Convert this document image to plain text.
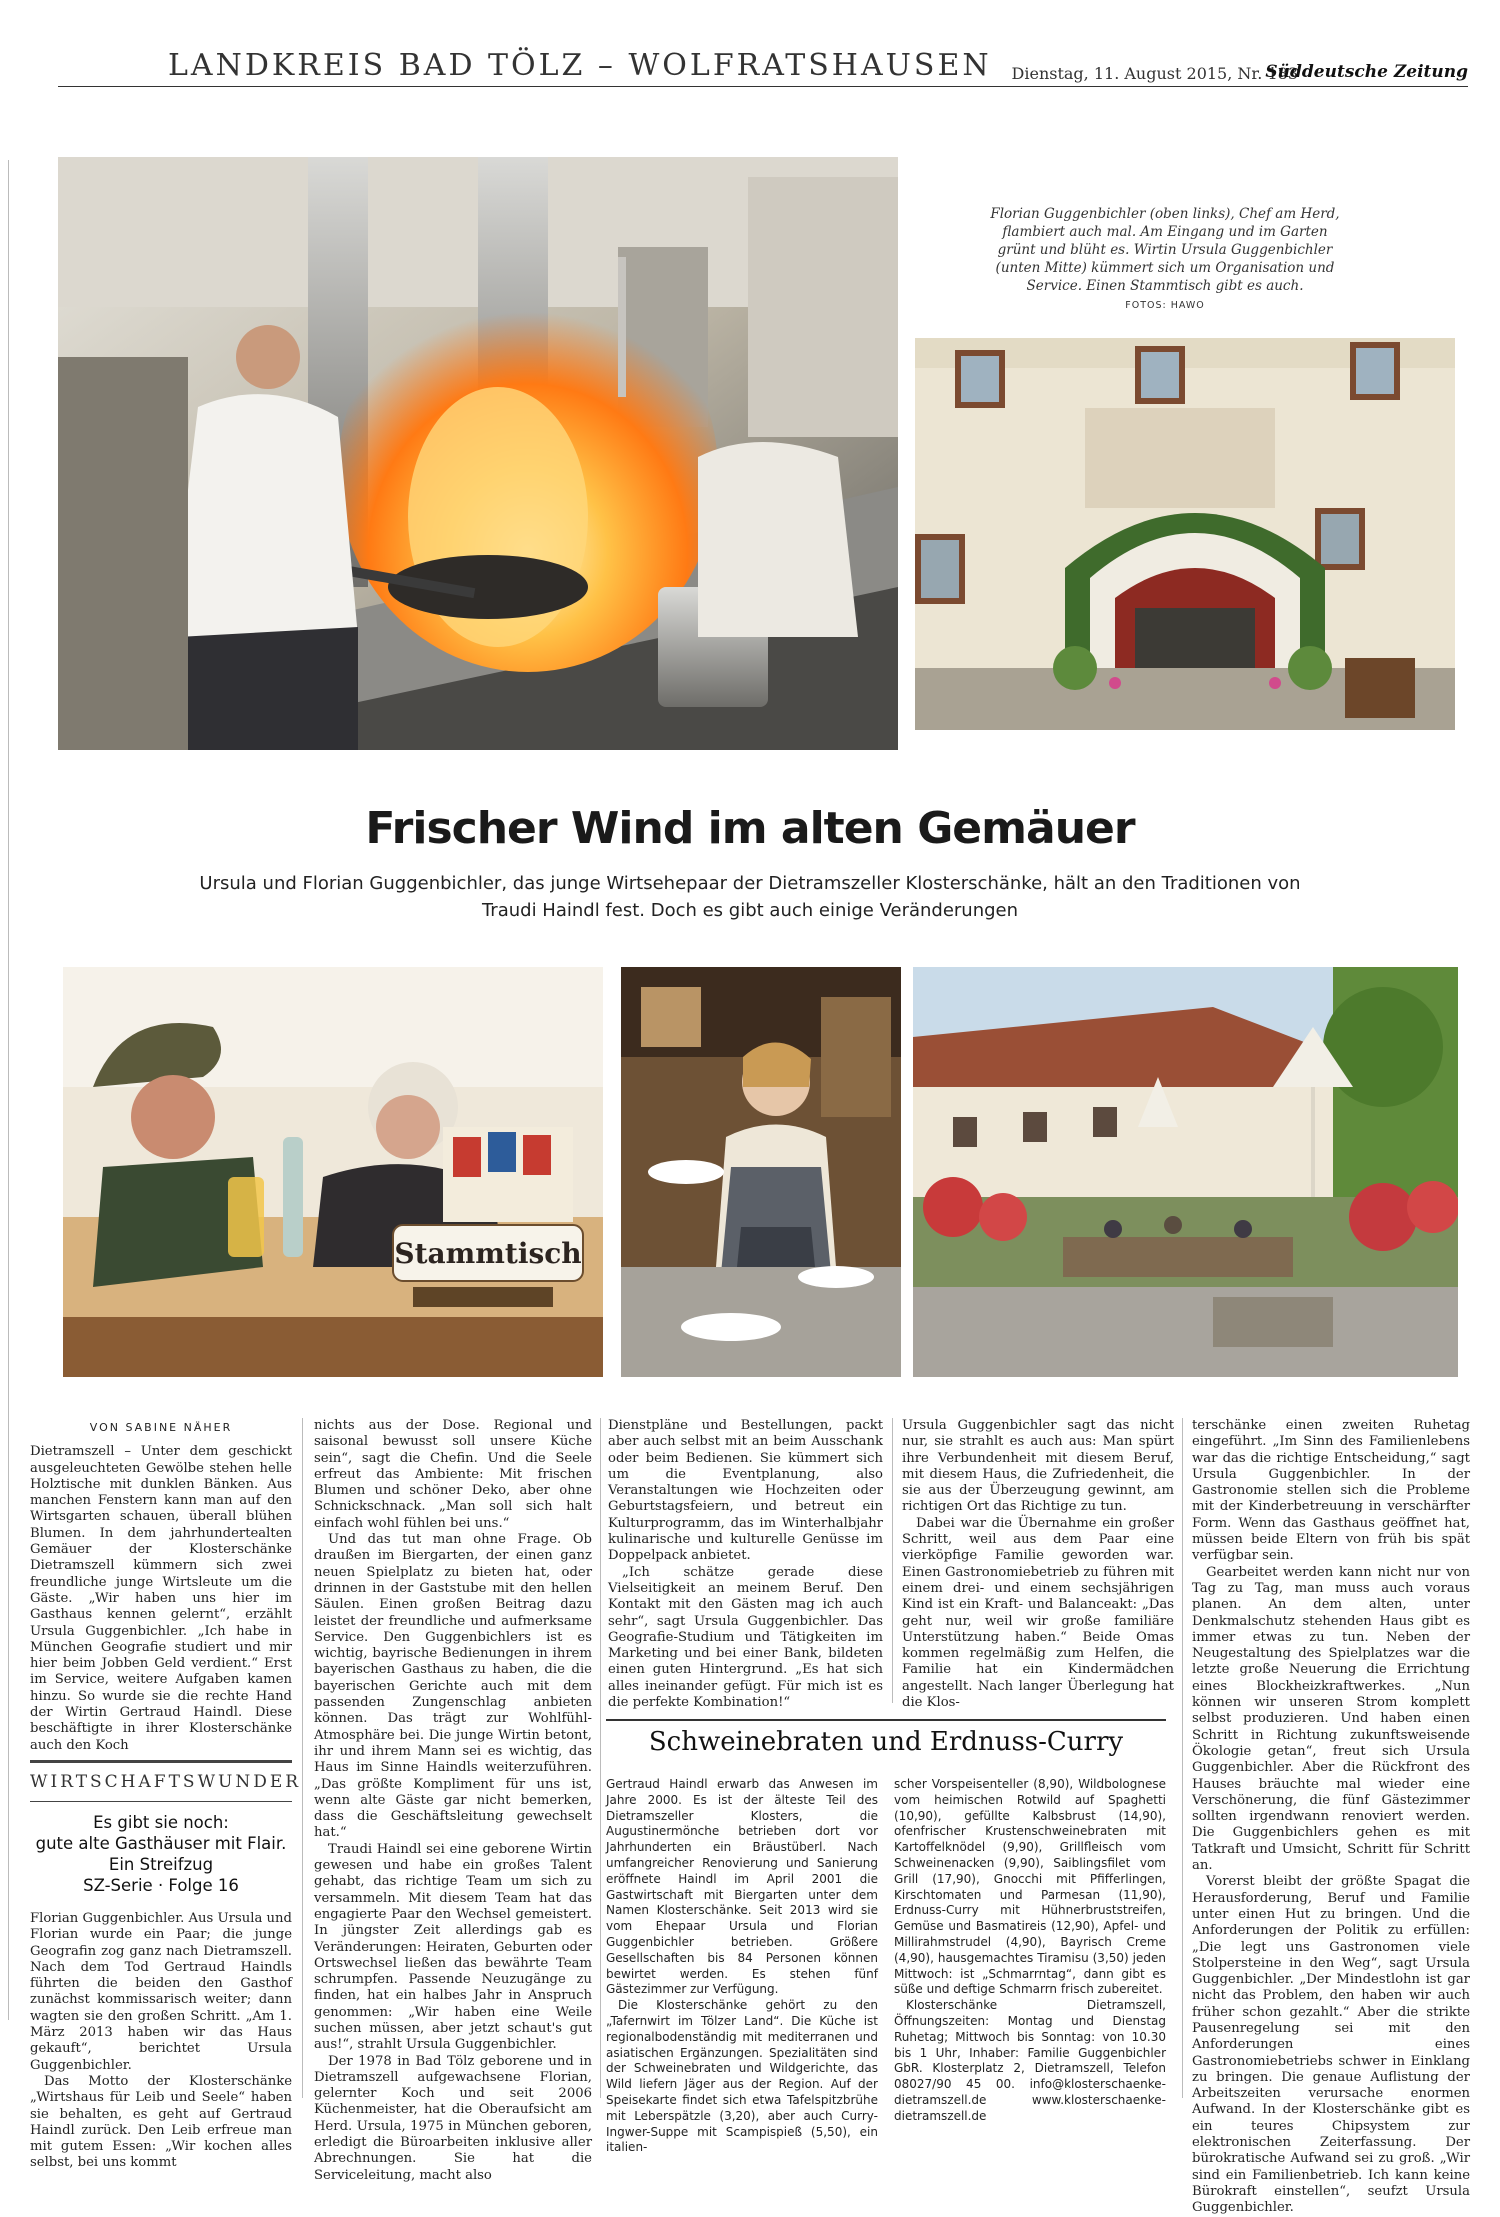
LANDKREIS BAD TÖLZ – WOLFRATSHAUSEN Dienstag, 11. August 2015, Nr. 183
Süddeutsche Zeitung
Florian Guggenbichler (oben links), Chef am Herd, flambiert auch mal. Am Eingang und im Garten grünt und blüht es. Wirtin Ursula Guggenbichler (unten Mitte) kümmert sich um Organisation und Service. Einen Stammtisch gibt es auch.
FOTOS: HAWO
Frischer Wind im alten Gemäuer
Ursula und Florian Guggenbichler, das junge Wirtsehepaar der Dietramszeller Klosterschänke, hält an den Traditionen von Traudi Haindl fest. Doch es gibt auch einige Veränderungen
Stammtisch
VON SABINE NÄHER

Dietramszell – Unter dem geschickt ausgeleuchteten Gewölbe stehen helle Holztische mit dunklen Bänken. Aus manchen Fenstern kann man auf den Wirtsgarten schauen, überall blühen Blumen. In dem jahrhundertealten Gemäuer der Klosterschänke Dietramszell kümmern sich zwei freundliche junge Wirtsleute um die Gäste. „Wir haben uns hier im Gasthaus kennen gelernt“, erzählt Ursula Guggenbichler. „Ich habe in München Geografie studiert und mir hier beim Jobben Geld verdient.“ Erst im Service, weitere Aufgaben kamen hinzu. So wurde sie die rechte Hand der Wirtin Gertraud Haindl. Diese beschäftigte in ihrer Klosterschänke auch den Koch

WIRTSCHAFTSWUNDER
Es gibt sie noch:
gute alte Gasthäuser mit Flair.
Ein Streifzug
SZ-Serie · Folge 16

Florian Guggenbichler. Aus Ursula und Florian wurde ein Paar; die junge Geografin zog ganz nach Dietramszell. Nach dem Tod Gertraud Haindls führten die beiden den Gasthof zunächst kommissarisch weiter; dann wagten sie den großen Schritt. „Am 1. März 2013 haben wir das Haus gekauft“, berichtet Ursula Guggenbichler.

Das Motto der Klosterschänke „Wirtshaus für Leib und Seele“ haben sie behalten, es geht auf Gertraud Haindl zurück. Den Leib erfreue man mit gutem Essen: „Wir kochen alles selbst, bei uns kommt

nichts aus der Dose. Regional und saisonal bewusst soll unsere Küche sein“, sagt die Chefin. Und die Seele erfreut das Ambiente: Mit frischen Blumen und schöner Deko, aber ohne Schnickschnack. „Man soll sich halt einfach wohl fühlen bei uns.“

Und das tut man ohne Frage. Ob draußen im Biergarten, der einen ganz neuen Spielplatz zu bieten hat, oder drinnen in der Gaststube mit den hellen Säulen. Einen großen Beitrag dazu leistet der freundliche und aufmerksame Service. Den Guggenbichlers ist es wichtig, bayrische Bedienungen in ihrem bayerischen Gasthaus zu haben, die die bayerischen Gerichte auch mit dem passenden Zungenschlag anbieten können. Das trägt zur Wohlfühl-Atmosphäre bei. Die junge Wirtin betont, ihr und ihrem Mann sei es wichtig, das Haus im Sinne Haindls weiterzuführen. „Das größte Kompliment für uns ist, wenn alte Gäste gar nicht bemerken, dass die Geschäftsleitung gewechselt hat.“

Traudi Haindl sei eine geborene Wirtin gewesen und habe ein großes Talent gehabt, das richtige Team um sich zu versammeln. Mit diesem Team hat das engagierte Paar den Wechsel gemeistert. In jüngster Zeit allerdings gab es Veränderungen: Heiraten, Geburten oder Ortswechsel ließen das bewährte Team schrumpfen. Passende Neuzugänge zu finden, hat ein halbes Jahr in Anspruch genommen: „Wir haben eine Weile suchen müssen, aber jetzt schaut's gut aus!“, strahlt Ursula Guggenbichler.

Der 1978 in Bad Tölz geborene und in Dietramszell aufgewachsene Florian, gelernter Koch und seit 2006 Küchenmeister, hat die Oberaufsicht am Herd. Ursula, 1975 in München geboren, erledigt die Büroarbeiten inklusive aller Abrechnungen. Sie hat die Serviceleitung, macht also

Dienstpläne und Bestellungen, packt aber auch selbst mit an beim Ausschank oder beim Bedienen. Sie kümmert sich um die Eventplanung, also Veranstaltungen wie Hochzeiten oder Geburtstagsfeiern, und betreut ein Kulturprogramm, das im Winterhalbjahr kulinarische und kulturelle Genüsse im Doppelpack anbietet.

„Ich schätze gerade diese Vielseitigkeit an meinem Beruf. Den Kontakt mit den Gästen mag ich auch sehr“, sagt Ursula Guggenbichler. Das Geografie-Studium und Tätigkeiten im Marketing und bei einer Bank, bildeten einen guten Hintergrund. „Es hat sich alles ineinander gefügt. Für mich ist es die perfekte Kombination!“

Ursula Guggenbichler sagt das nicht nur, sie strahlt es auch aus: Man spürt ihre Verbundenheit mit diesem Beruf, mit diesem Haus, die Zufriedenheit, die sie aus der Überzeugung gewinnt, am richtigen Ort das Richtige zu tun.

Dabei war die Übernahme ein großer Schritt, weil aus dem Paar eine vierköpfige Familie geworden war. Einen Gastronomiebetrieb zu führen mit einem drei- und einem sechsjährigen Kind ist ein Kraft- und Balanceakt: „Das geht nur, weil wir große familiäre Unterstützung haben.“ Beide Omas kommen regelmäßig zum Helfen, die Familie hat ein Kindermädchen angestellt. Nach langer Überlegung hat die Klos-

terschänke einen zweiten Ruhetag eingeführt. „Im Sinn des Familienlebens war das die richtige Entscheidung,“ sagt Ursula Guggenbichler. In der Gastronomie stellen sich die Probleme mit der Kinderbetreuung in verschärfter Form. Wenn das Gasthaus geöffnet hat, müssen beide Eltern von früh bis spät verfügbar sein.

Gearbeitet werden kann nicht nur von Tag zu Tag, man muss auch voraus planen. An dem alten, unter Denkmalschutz stehenden Haus gibt es immer etwas zu tun. Neben der Neugestaltung des Spielplatzes war die letzte große Neuerung die Errichtung eines Blockheizkraftwerkes. „Nun können wir unseren Strom komplett selbst produzieren. Und haben einen Schritt in Richtung zukunftsweisende Ökologie getan“, freut sich Ursula Guggenbichler. Aber die Rückfront des Hauses bräuchte mal wieder eine Verschönerung, die fünf Gästezimmer sollten irgendwann renoviert werden. Die Guggenbichlers gehen es mit Tatkraft und Umsicht, Schritt für Schritt an.

Vorerst bleibt der größte Spagat die Herausforderung, Beruf und Familie unter einen Hut zu bringen. Und die Anforderungen der Politik zu erfüllen: „Die legt uns Gastronomen viele Stolpersteine in den Weg“, sagt Ursula Guggenbichler. „Der Mindestlohn ist gar nicht das Problem, den haben wir auch früher schon gezahlt.“ Aber die strikte Pausenregelung sei mit den Anforderungen eines Gastronomiebetriebs schwer in Einklang zu bringen. Die genaue Auflistung der Arbeitszeiten verursache enormen Aufwand. In der Klosterschänke gibt es ein teures Chipsystem zur elektronischen Zeiterfassung. Der bürokratische Aufwand sei zu groß. „Wir sind ein Familienbetrieb. Ich kann keine Bürokraft einstellen“, seufzt Ursula Guggenbichler.

Schweinebraten und Erdnuss-Curry

Gertraud Haindl erwarb das Anwesen im Jahre 2000. Es ist der älteste Teil des Dietramszeller Klosters, die Augustinermönche betrieben dort vor Jahrhunderten ein Bräustüberl. Nach umfangreicher Renovierung und Sanierung eröffnete Haindl im April 2001 die Gastwirtschaft mit Biergarten unter dem Namen Klosterschänke. Seit 2013 wird sie vom Ehepaar Ursula und Florian Guggenbichler betrieben. Größere Gesellschaften bis 84 Personen können bewirtet werden. Es stehen fünf Gästezimmer zur Verfügung.

Die Klosterschänke gehört zu den „Tafernwirt im Tölzer Land“. Die Küche ist regionalbodenständig mit mediterranen und asiatischen Ergänzungen. Spezialitäten sind der Schweinebraten und Wildgerichte, das Wild liefern Jäger aus der Region. Auf der Speisekarte findet sich etwa Tafelspitzbrühe mit Leberspätzle (3,20), aber auch Curry-Ingwer-Suppe mit Scampispieß (5,50), ein italien-

scher Vorspeisenteller (8,90), Wildbolognese vom heimischen Rotwild auf Spaghetti (10,90), gefüllte Kalbsbrust (14,90), ofenfrischer Krustenschweinebraten mit Kartoffelknödel (9,90), Grillfleisch vom Schweinenacken (9,90), Saiblingsfilet vom Grill (17,90), Gnocchi mit Pfifferlingen, Kirschtomaten und Parmesan (11,90), Erdnuss-Curry mit Hühnerbruststreifen, Gemüse und Basmatireis (12,90), Apfel- und Millirahmstrudel (4,90), Bayrisch Creme (4,90), hausgemachtes Tiramisu (3,50) jeden Mittwoch: ist „Schmarrntag“, dann gibt es süße und deftige Schmarrn frisch zubereitet.

Klosterschänke Dietramszell, Öffnungszeiten: Montag und Dienstag Ruhetag; Mittwoch bis Sonntag: von 10.30 bis 1 Uhr, Inhaber: Familie Guggenbichler GbR. Klosterplatz 2, Dietramszell, Telefon 08027/90 45 00. info@klosterschaenke-dietramszell.de www.klosterschaenke-dietramszell.de
